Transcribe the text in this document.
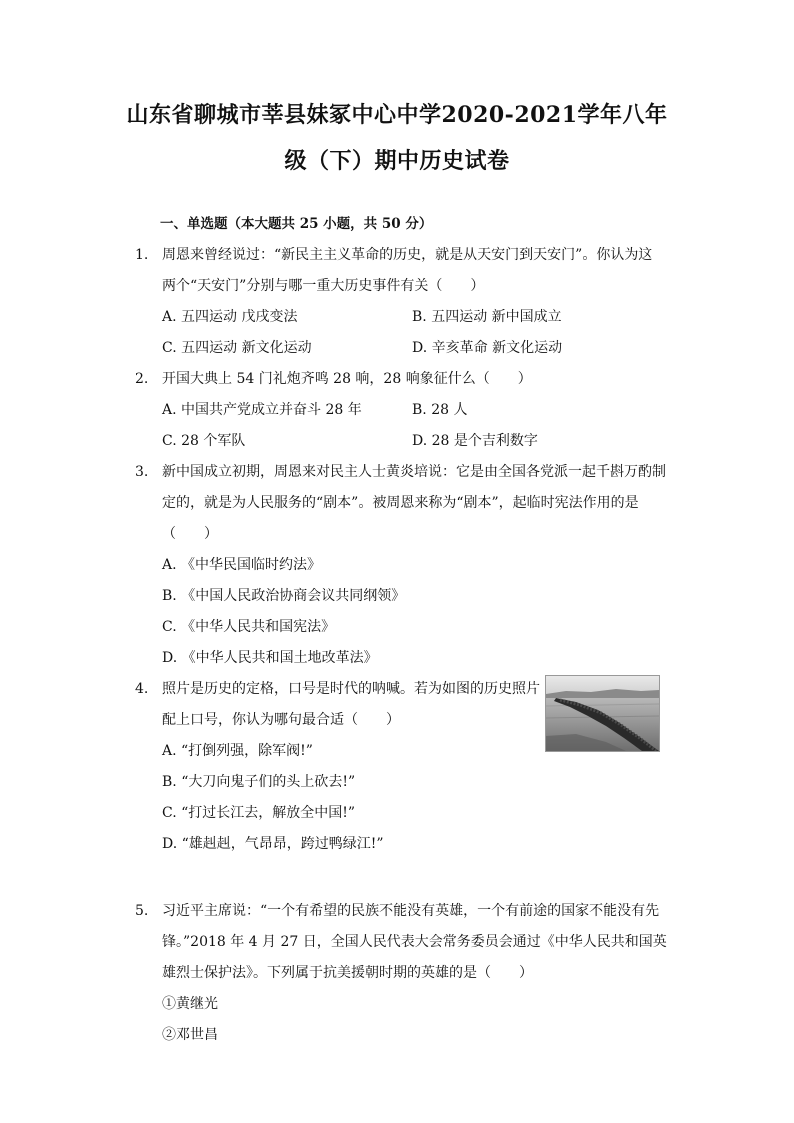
山东省聊城市莘县妹冢中心中学2020-2021学年八年
级（下）期中历史试卷
一、单选题（本大题共 25 小题，共 50 分）
1. 周恩来曾经说过：“新民主主义革命的历史，就是从天安门到天安门”。你认为这
两个“天安门”分别与哪一重大历史事件有关（　　）
A. 五四运动 戊戌变法	B. 五四运动 新中国成立
C. 五四运动 新文化运动	D. 辛亥革命 新文化运动
2. 开国大典上 54 门礼炮齐鸣 28 响，28 响象征什么（　　）
A. 中国共产党成立并奋斗 28 年	B. 28 人
C. 28 个军队	D. 28 是个吉利数字
3. 新中国成立初期，周恩来对民主人士黄炎培说：它是由全国各党派一起千斟万酌制
定的，就是为人民服务的“剧本”。被周恩来称为“剧本”，起临时宪法作用的是
（　　）
A. 《中华民国临时约法》
B. 《中国人民政治协商会议共同纲领》
C. 《中华人民共和国宪法》
D. 《中华人民共和国土地改革法》
4. 照片是历史的定格，口号是时代的呐喊。若为如图的历史照片
配上口号，你认为哪句最合适（　　）
A. “打倒列强，除军阀!”
B. “大刀向鬼子们的头上砍去!”
C. “打过长江去，解放全中国!”
D. “雄赳赳，气昂昂，跨过鸭绿江!”
5. 习近平主席说：“一个有希望的民族不能没有英雄，一个有前途的国家不能没有先
锋。”2018 年 4 月 27 日，全国人民代表大会常务委员会通过《中华人民共和国英
雄烈士保护法》。下列属于抗美援朝时期的英雄的是（　　）
①黄继光
②邓世昌
